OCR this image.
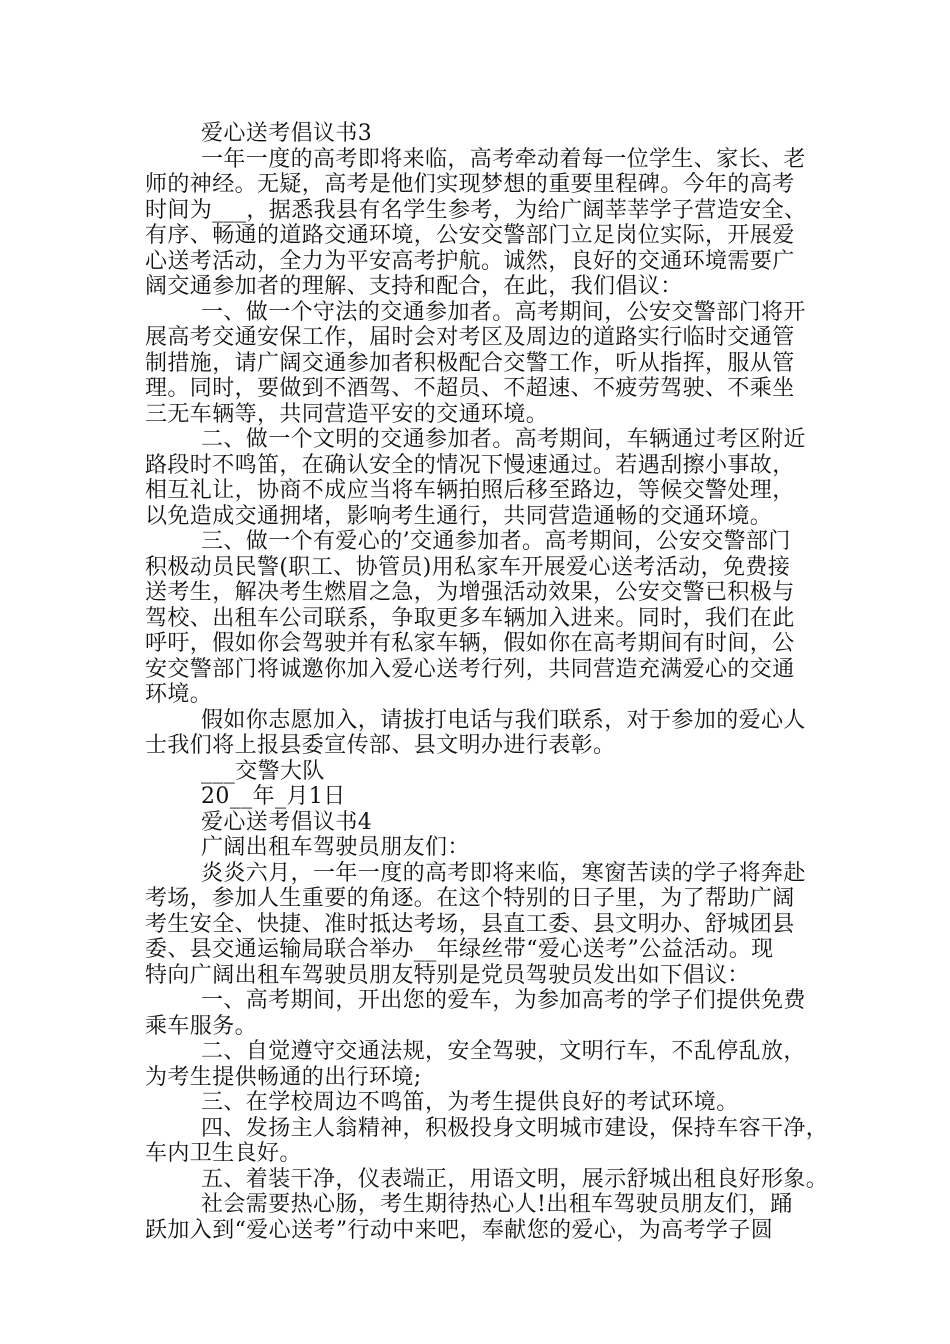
爱心送考倡议书3
一年一度的高考即将来临，高考牵动着每一位学生、家长、老
师的神经。无疑，高考是他们实现梦想的重要里程碑。今年的高考
时间为___，据悉我县有名学生参考，为给广阔莘莘学子营造安全、
有序、畅通的道路交通环境，公安交警部门立足岗位实际，开展爱
心送考活动，全力为平安高考护航。诚然，良好的交通环境需要广
阔交通参加者的理解、支持和配合，在此，我们倡议：
一、做一个守法的交通参加者。高考期间，公安交警部门将开
展高考交通安保工作，届时会对考区及周边的道路实行临时交通管
制措施，请广阔交通参加者积极配合交警工作，听从指挥，服从管
理。同时，要做到不酒驾、不超员、不超速、不疲劳驾驶、不乘坐
三无车辆等，共同营造平安的交通环境。
二、做一个文明的交通参加者。高考期间，车辆通过考区附近
路段时不鸣笛，在确认安全的情况下慢速通过。若遇刮擦小事故，
相互礼让，协商不成应当将车辆拍照后移至路边，等候交警处理，
以免造成交通拥堵，影响考生通行，共同营造通畅的交通环境。
三、做一个有爱心的’交通参加者。高考期间，公安交警部门
积极动员民警(职工、协管员)用私家车开展爱心送考活动，免费接
送考生，解决考生燃眉之急，为增强活动效果，公安交警已积极与
驾校、出租车公司联系，争取更多车辆加入进来。同时，我们在此
呼吁，假如你会驾驶并有私家车辆，假如你在高考期间有时间，公
安交警部门将诚邀你加入爱心送考行列，共同营造充满爱心的交通
环境。
假如你志愿加入，请拔打电话与我们联系，对于参加的爱心人
士我们将上报县委宣传部、县文明办进行表彰。
___交警大队
20__年_月1日
爱心送考倡议书4
广阔出租车驾驶员朋友们：
炎炎六月，一年一度的高考即将来临，寒窗苦读的学子将奔赴
考场，参加人生重要的角逐。在这个特别的日子里，为了帮助广阔
考生安全、快捷、准时抵达考场，县直工委、县文明办、舒城团县
委、县交通运输局联合举办__年绿丝带“爱心送考”公益活动。现
特向广阔出租车驾驶员朋友特别是党员驾驶员发出如下倡议：
一、高考期间，开出您的爱车，为参加高考的学子们提供免费
乘车服务。
二、自觉遵守交通法规，安全驾驶，文明行车，不乱停乱放，
为考生提供畅通的出行环境;
三、在学校周边不鸣笛，为考生提供良好的考试环境。
四、发扬主人翁精神，积极投身文明城市建设，保持车容干净，
车内卫生良好。
五、着装干净，仪表端正，用语文明，展示舒城出租良好形象。
社会需要热心肠，考生期待热心人!出租车驾驶员朋友们，踊
跃加入到“爱心送考”行动中来吧，奉献您的爱心，为高考学子圆
